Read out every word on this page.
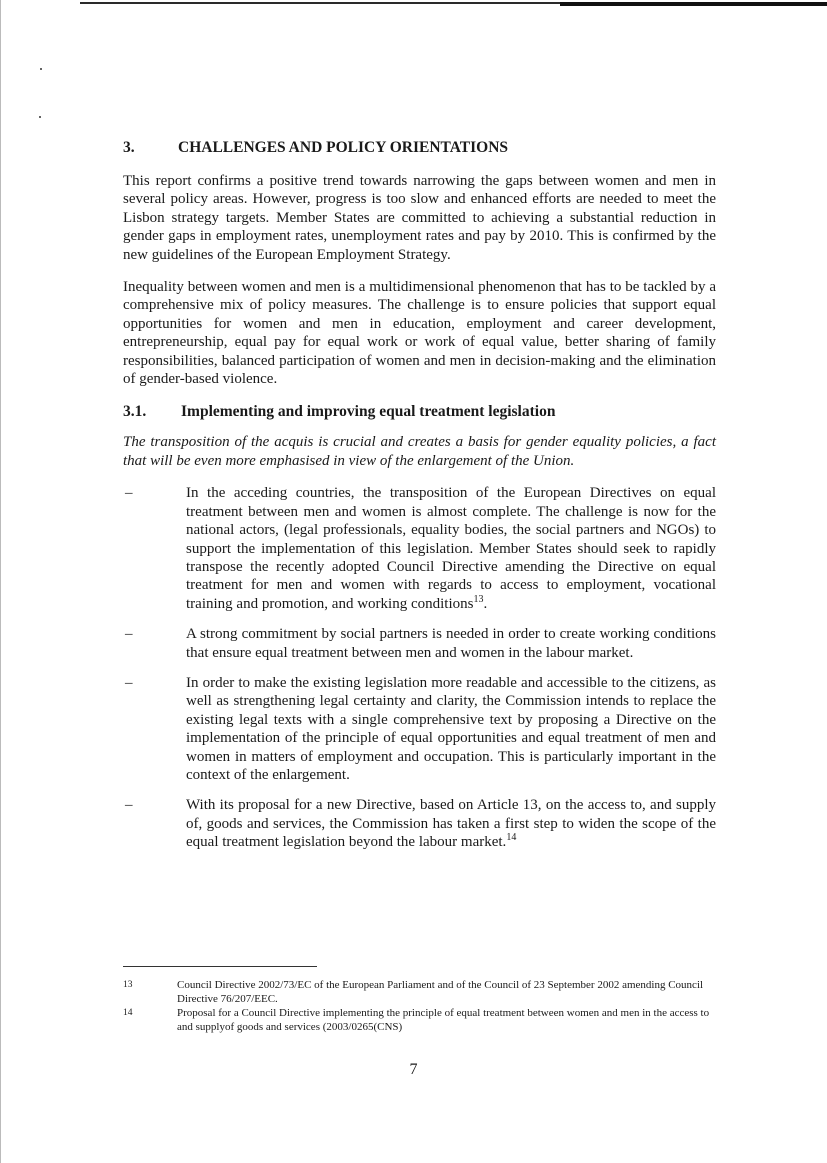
3.	CHALLENGES AND POLICY ORIENTATIONS

This report confirms a positive trend towards narrowing the gaps between women and men in several policy areas. However, progress is too slow and enhanced efforts are needed to meet the Lisbon strategy targets. Member States are committed to achieving a substantial reduction in gender gaps in employment rates, unemployment rates and pay by 2010. This is confirmed by the new guidelines of the European Employment Strategy.

Inequality between women and men is a multidimensional phenomenon that has to be tackled by a comprehensive mix of policy measures. The challenge is to ensure policies that support equal opportunities for women and men in education, employment and career development, entrepreneurship, equal pay for equal work or work of equal value, better sharing of family responsibilities, balanced participation of women and men in decision-making and the elimination of gender-based violence.

3.1.	Implementing and improving equal treatment legislation

The transposition of the acquis is crucial and creates a basis for gender equality policies, a fact that will be even more emphasised in view of the enlargement of the Union.

–	In the acceding countries, the transposition of the European Directives on equal treatment between men and women is almost complete. The challenge is now for the national actors, (legal professionals, equality bodies, the social partners and NGOs) to support the implementation of this legislation. Member States should seek to rapidly transpose the recently adopted Council Directive amending the Directive on equal treatment for men and women with regards to access to employment, vocational training and promotion, and working conditions$^{13}$.
–	A strong commitment by social partners is needed in order to create working conditions that ensure equal treatment between men and women in the labour market.
–	In order to make the existing legislation more readable and accessible to the citizens, as well as strengthening legal certainty and clarity, the Commission intends to replace the existing legal texts with a single comprehensive text by proposing a Directive on the implementation of the principle of equal opportunities and equal treatment of men and women in matters of employment and occupation. This is particularly important in the context of the enlargement.
–	With its proposal for a new Directive, based on Article 13, on the access to, and supply of, goods and services, the Commission has taken a first step to widen the scope of the equal treatment legislation beyond the labour market.$^{14}$
13	Council Directive 2002/73/EC of the European Parliament and of the Council of 23 September 2002 amending Council Directive 76/207/EEC.
14	Proposal for a Council Directive implementing the principle of equal treatment between women and men in the access to and supplyof goods and services (2003/0265(CNS)
7
